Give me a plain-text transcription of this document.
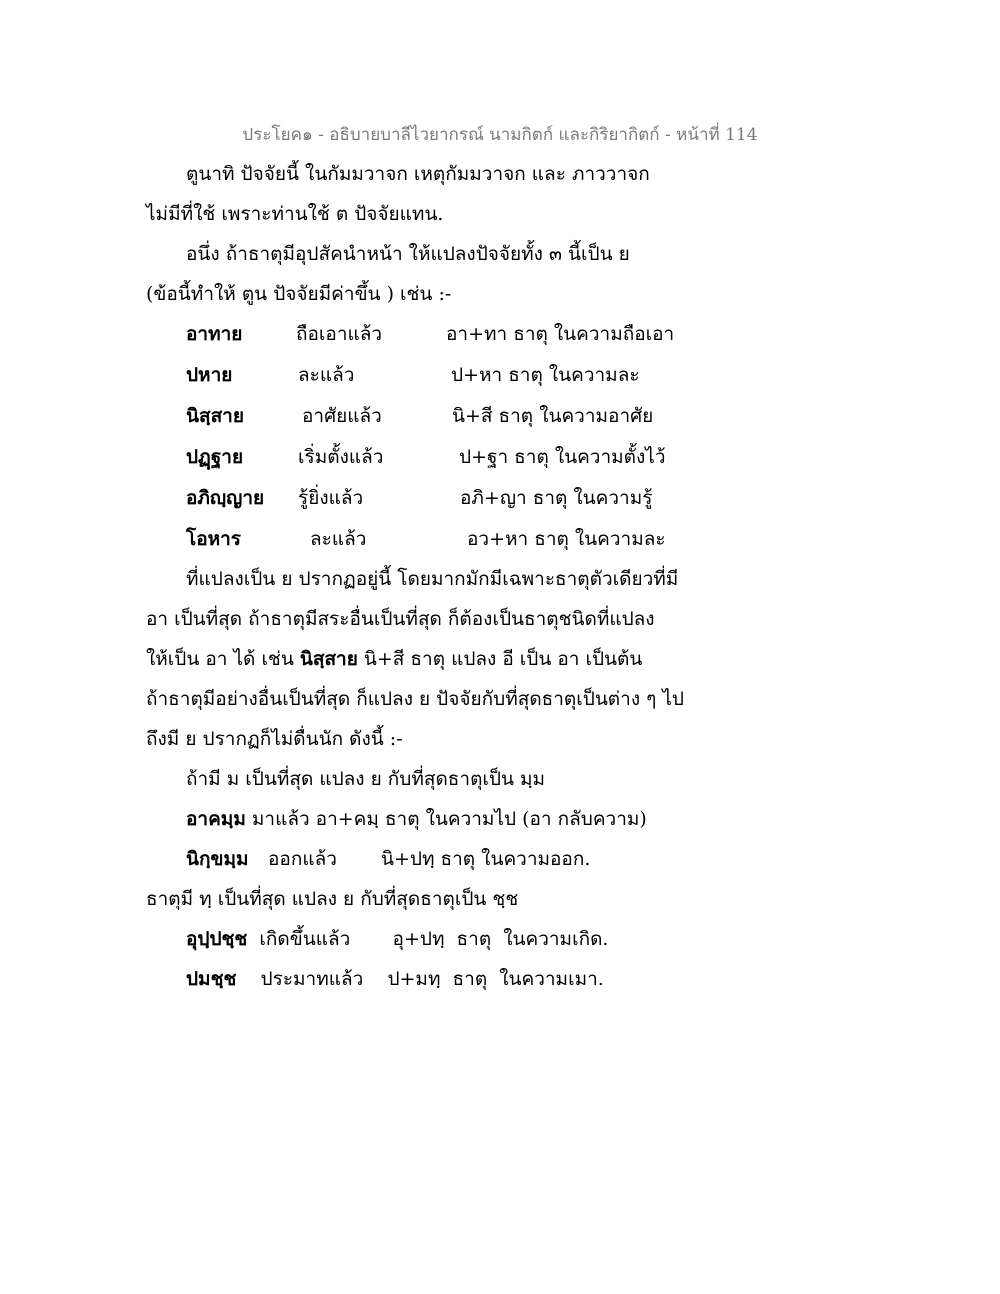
ประโยค๑ - อธิบายบาลีไวยากรณ์ นามกิตก์ และกิริยากิตก์ - หน้าที่ 114
ตูนาทิ ปัจจัยนี้ ในกัมมวาจก เหตุกัมมวาจก และ ภาววาจก
ไม่มีที่ใช้ เพราะท่านใช้ ต ปัจจัยแทน.
อนึ่ง ถ้าธาตุมีอุปสัคนำหน้า ให้แปลงปัจจัยทั้ง ๓ นี้เป็น ย
(ข้อนี้ทำให้ ตูน ปัจจัยมีค่าขึ้น ) เช่น :-
อาทาย	ถือเอาแล้ว	อา+ทา ธาตุ ในความถือเอา
ปหาย	ละแล้ว	ป+หา ธาตุ ในความละ
นิสฺสาย	อาศัยแล้ว	นิ+สี ธาตุ ในความอาศัย
ปฏฺฐาย	เริ่มตั้งแล้ว	ป+ฐา ธาตุ ในความตั้งไว้
อภิญฺญาย รู้ยิ่งแล้ว	อภิ+ญา ธาตุ ในความรู้
โอหาร	ละแล้ว	อว+หา ธาตุ ในความละ
ที่แปลงเป็น ย ปรากฏอยู่นี้ โดยมากมักมีเฉพาะธาตุตัวเดียวที่มี
อา เป็นที่สุด ถ้าธาตุมีสระอื่นเป็นที่สุด ก็ต้องเป็นธาตุชนิดที่แปลง
ให้เป็น อา ได้ เช่น นิสฺสาย นิ+สี ธาตุ แปลง อี เป็น อา เป็นต้น
ถ้าธาตุมีอย่างอื่นเป็นที่สุด ก็แปลง ย ปัจจัยกับที่สุดธาตุเป็นต่าง ๆ ไป
ถึงมี ย ปรากฏก็ไม่ดื่นนัก ดังนี้ :-
ถ้ามี ม เป็นที่สุด แปลง ย กับที่สุดธาตุเป็น มฺม
อาคมฺม มาแล้ว อา+คมฺ ธาตุ ในความไป (อา กลับความ)
นิกฺขมฺม ออกแล้ว นิ+ปทฺ ธาตุ ในความออก.
ธาตุมี ทฺ เป็นที่สุด แปลง ย กับที่สุดธาตุเป็น ชฺช
อุปฺปชฺช  เกิดขึ้นแล้ว       อุ+ปทฺ  ธาตุ  ในความเกิด.
ปมชฺช    ประมาทแล้ว    ป+มทฺ  ธาตุ  ในความเมา.
